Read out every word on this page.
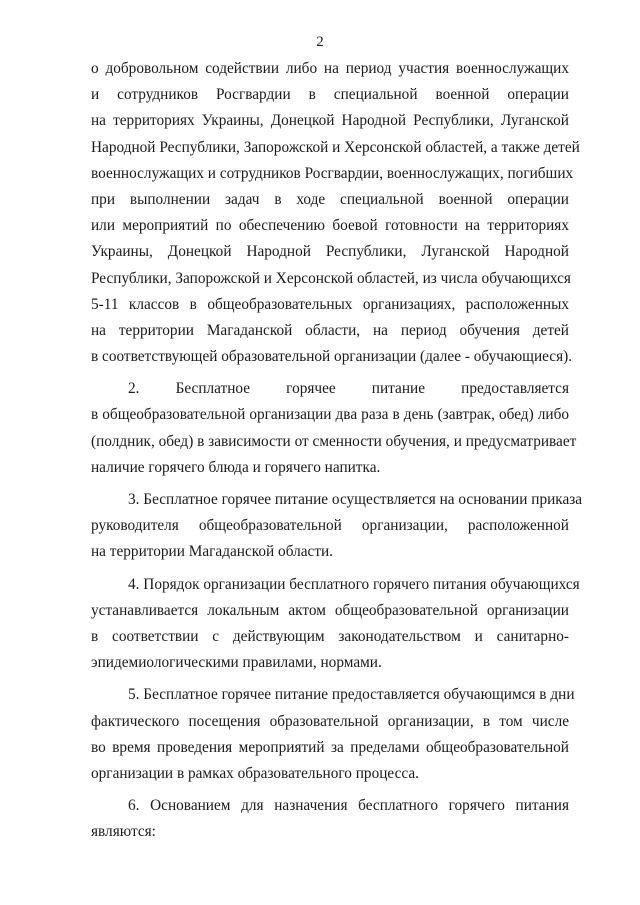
2
о добровольном содействии либо на период участия военнослужащих
и сотрудников Росгвардии в специальной военной операции
на территориях Украины, Донецкой Народной Республики, Луганской
Народной Республики, Запорожской и Херсонской областей, а также детей
военнослужащих и сотрудников Росгвардии, военнослужащих, погибших
при выполнении задач в ходе специальной военной операции
или мероприятий по обеспечению боевой готовности на территориях
Украины, Донецкой Народной Республики, Луганской Народной
Республики, Запорожской и Херсонской областей, из числа обучающихся
5-11 классов в общеобразовательных организациях, расположенных
на территории Магаданской области, на период обучения детей
в соответствующей образовательной организации (далее - обучающиеся).
2. Бесплатное горячее питание предоставляется
в общеобразовательной организации два раза в день (завтрак, обед) либо
(полдник, обед) в зависимости от сменности обучения, и предусматривает
наличие горячего блюда и горячего напитка.
3. Бесплатное горячее питание осуществляется на основании приказа
руководителя общеобразовательной организации, расположенной
на территории Магаданской области.
4. Порядок организации бесплатного горячего питания обучающихся
устанавливается локальным актом общеобразовательной организации
в соответствии с действующим законодательством и санитарно-
эпидемиологическими правилами, нормами.
5. Бесплатное горячее питание предоставляется обучающимся в дни
фактического посещения образовательной организации, в том числе
во время проведения мероприятий за пределами общеобразовательной
организации в рамках образовательного процесса.
6. Основанием для назначения бесплатного горячего питания
являются:
